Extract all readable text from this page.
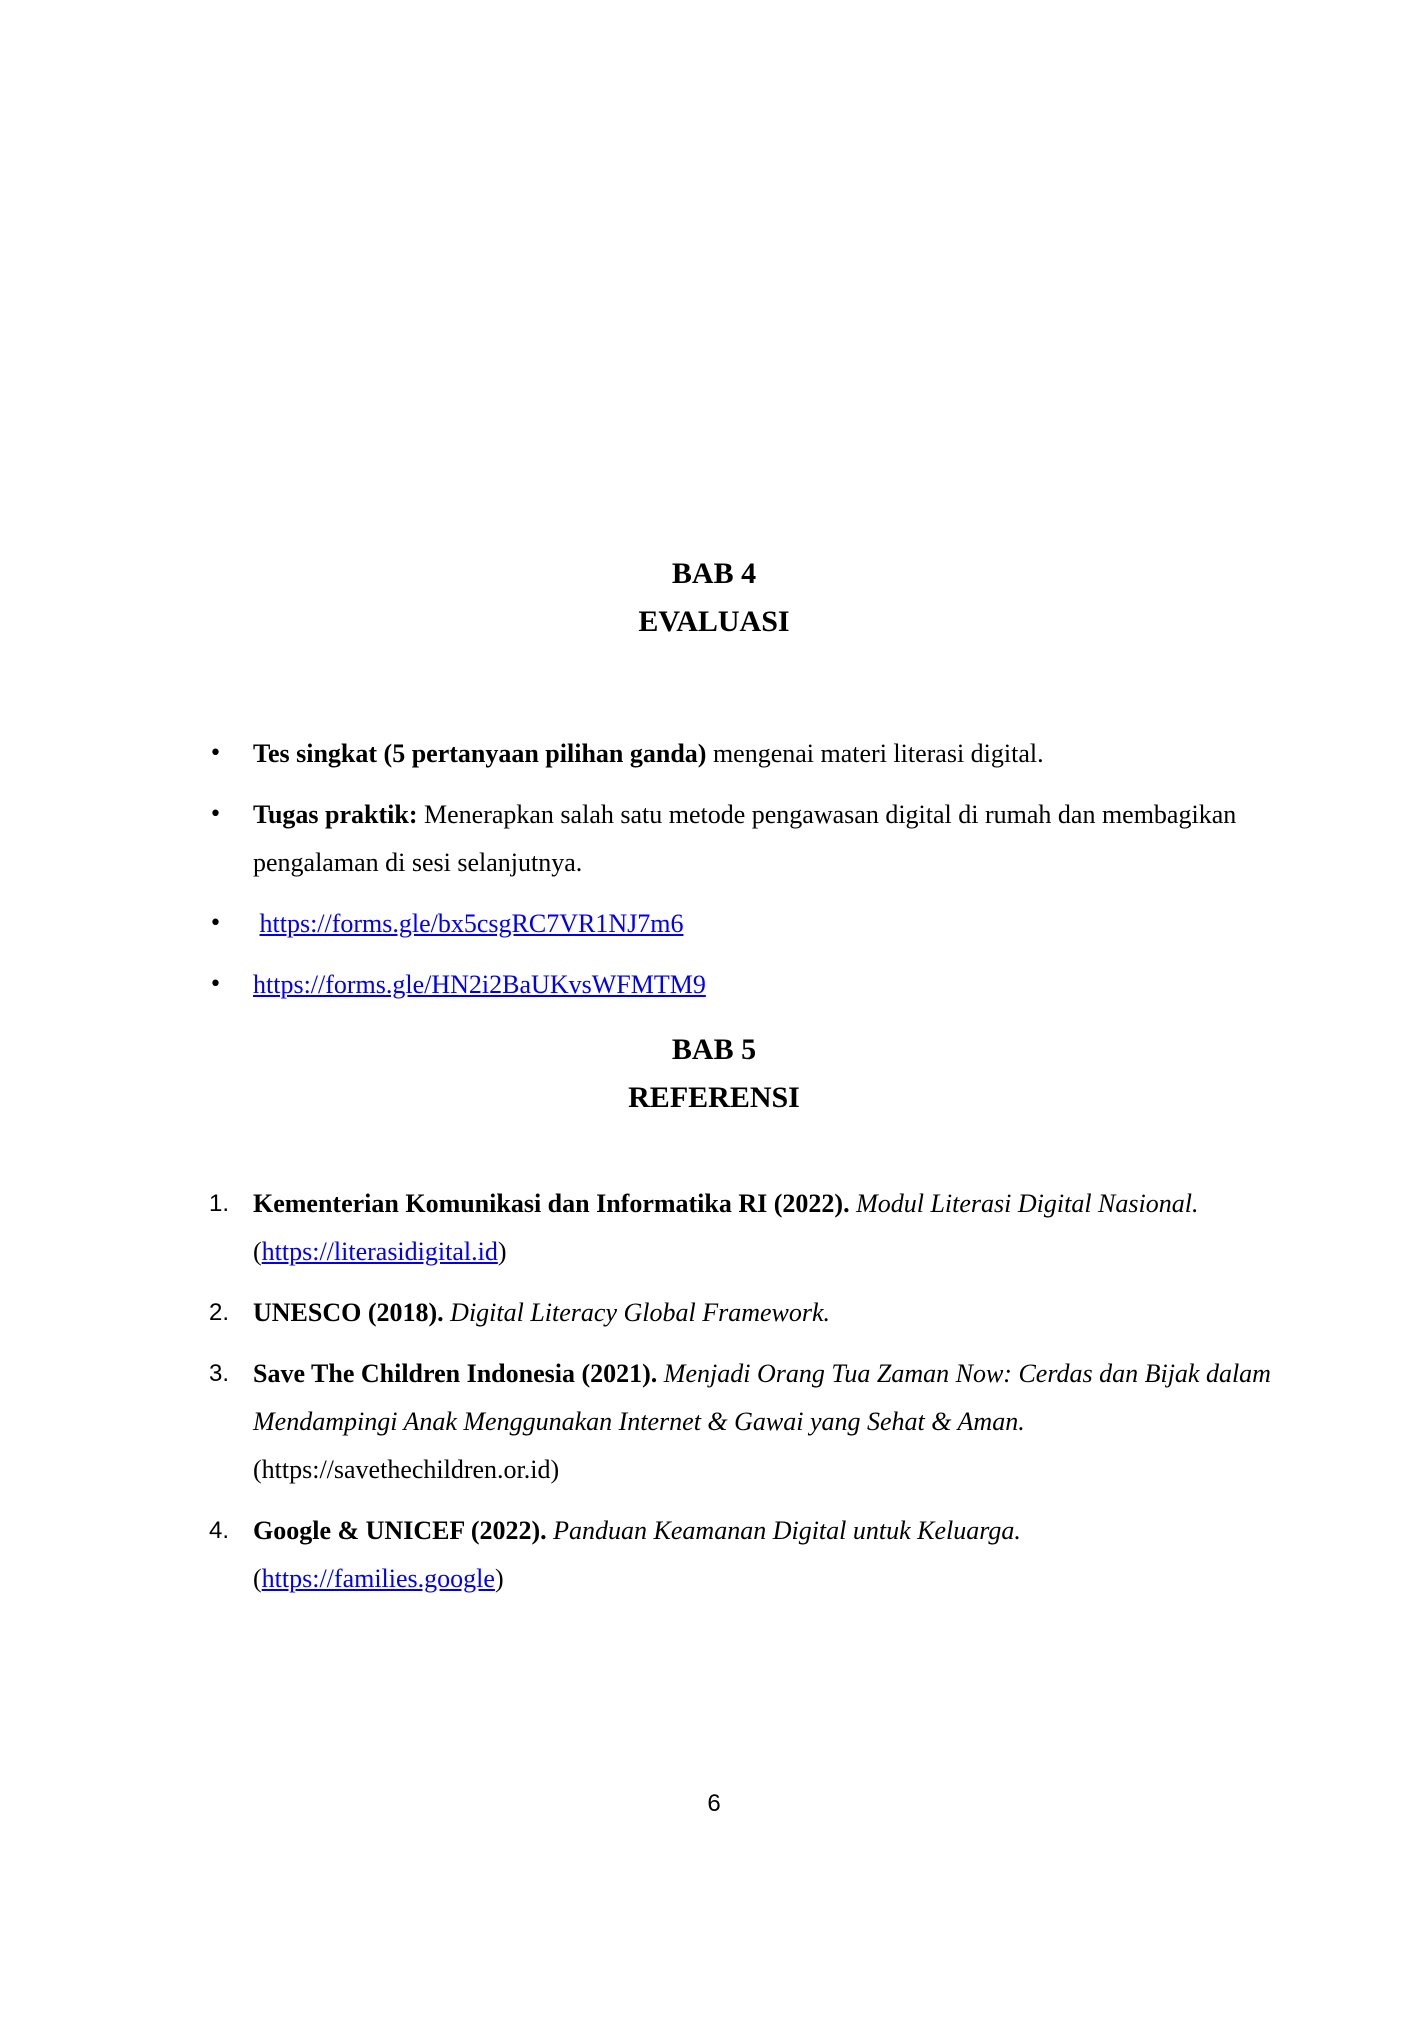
BAB 4
EVALUASI
• Tes singkat (5 pertanyaan pilihan ganda) mengenai materi literasi digital.
• Tugas praktik: Menerapkan salah satu metode pengawasan digital di rumah dan membagikan pengalaman di sesi selanjutnya.
• https://forms.gle/bx5csgRC7VR1NJ7m6
• https://forms.gle/HN2i2BaUKvsWFMTM9
BAB 5
REFERENSI
1. Kementerian Komunikasi dan Informatika RI (2022). Modul Literasi Digital Nasional.
(https://literasidigital.id)
2. UNESCO (2018). Digital Literacy Global Framework.
3. Save The Children Indonesia (2021). Menjadi Orang Tua Zaman Now: Cerdas dan Bijak dalam Mendampingi Anak Menggunakan Internet & Gawai yang Sehat & Aman.
(https://savethechildren.or.id)
4. Google & UNICEF (2022). Panduan Keamanan Digital untuk Keluarga.
(https://families.google)
6
